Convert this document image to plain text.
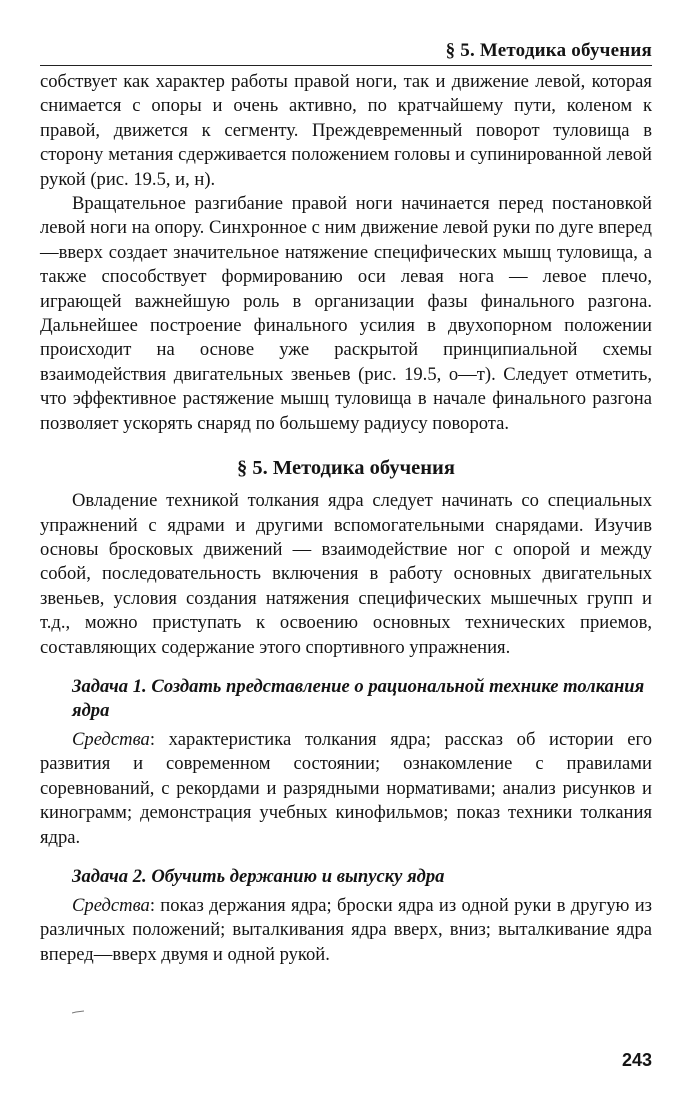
§ 5. Методика обучения

собствует как характер работы правой ноги, так и движение левой, которая снимается с опоры и очень активно, по кратчайшему пути, коленом к правой, движется к сегменту. Преждевременный поворот туловища в сторону метания сдерживается положением головы и супинированной левой рукой (рис. 19.5, и, н).

Вращательное разгибание правой ноги начинается перед постановкой левой ноги на опору. Синхронное с ним движение левой руки по дуге вперед—вверх создает значительное натяжение специфических мышц туловища, а также способствует формированию оси левая нога — левое плечо, играющей важнейшую роль в организации фазы финального разгона. Дальнейшее построение финального усилия в двухопорном положении происходит на основе уже раскрытой принципиальной схемы взаимодействия двигательных звеньев (рис. 19.5, о—т). Следует отметить, что эффективное растяжение мышц туловища в начале финального разгона позволяет ускорять снаряд по большему радиусу поворота.

§ 5. Методика обучения

Овладение техникой толкания ядра следует начинать со специальных упражнений с ядрами и другими вспомогательными снарядами. Изучив основы бросковых движений — взаимодействие ног с опорой и между собой, последовательность включения в работу основных двигательных звеньев, условия создания натяжения специфических мышечных групп и т.д., можно приступать к освоению основных технических приемов, составляющих содержание этого спортивного упражнения.

Задача 1. Создать представление о рациональной технике толкания ядра

Средства: характеристика толкания ядра; рассказ об истории его развития и современном состоянии; ознакомление с правилами соревнований, с рекордами и разрядными нормативами; анализ рисунков и кинограмм; демонстрация учебных кинофильмов; показ техники толкания ядра.

Задача 2. Обучить держанию и выпуску ядра

Средства: показ держания ядра; броски ядра из одной руки в другую из различных положений; выталкивания ядра вверх, вниз; выталкивание ядра вперед—вверх двумя и одной рукой.

243
